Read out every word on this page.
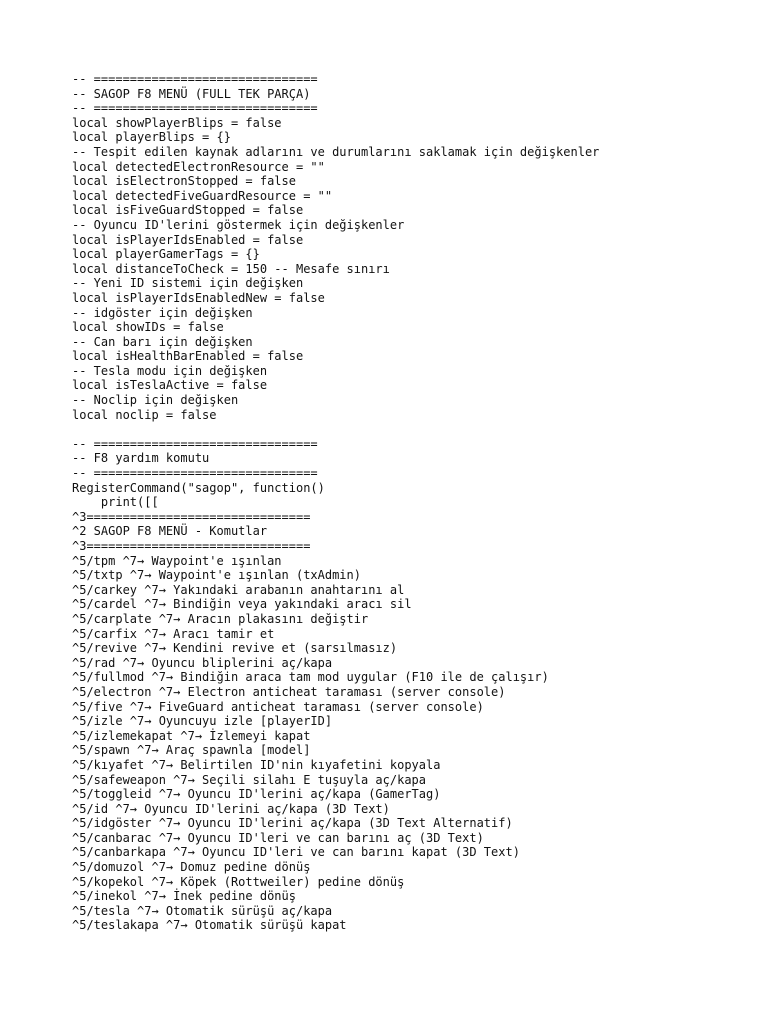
-- ===============================
-- SAGOP F8 MENÜ (FULL TEK PARÇA)
-- ===============================
local showPlayerBlips = false
local playerBlips = {}
-- Tespit edilen kaynak adlarını ve durumlarını saklamak için değişkenler
local detectedElectronResource = ""
local isElectronStopped = false
local detectedFiveGuardResource = ""
local isFiveGuardStopped = false
-- Oyuncu ID'lerini göstermek için değişkenler
local isPlayerIdsEnabled = false
local playerGamerTags = {}
local distanceToCheck = 150 -- Mesafe sınırı
-- Yeni ID sistemi için değişken
local isPlayerIdsEnabledNew = false
-- idgöster için değişken
local showIDs = false
-- Can barı için değişken
local isHealthBarEnabled = false
-- Tesla modu için değişken
local isTeslaActive = false
-- Noclip için değişken
local noclip = false
-- ===============================
-- F8 yardım komutu
-- ===============================
RegisterCommand("sagop", function()
print([[
^3===============================
^2 SAGOP F8 MENÜ - Komutlar
^3===============================
^5/tpm ^7→ Waypoint'e ışınlan
^5/txtp ^7→ Waypoint'e ışınlan (txAdmin)
^5/carkey ^7→ Yakındaki arabanın anahtarını al
^5/cardel ^7→ Bindiğin veya yakındaki aracı sil
^5/carplate ^7→ Aracın plakasını değiştir
^5/carfix ^7→ Aracı tamir et
^5/revive ^7→ Kendini revive et (sarsılmasız)
^5/rad ^7→ Oyuncu bliplerini aç/kapa
^5/fullmod ^7→ Bindiğin araca tam mod uygular (F10 ile de çalışır)
^5/electron ^7→ Electron anticheat taraması (server console)
^5/five ^7→ FiveGuard anticheat taraması (server console)
^5/izle ^7→ Oyuncuyu izle [playerID]
^5/izlemekapat ^7→ İzlemeyi kapat
^5/spawn ^7→ Araç spawnla [model]
^5/kıyafet ^7→ Belirtilen ID'nin kıyafetini kopyala
^5/safeweapon ^7→ Seçili silahı E tuşuyla aç/kapa
^5/toggleid ^7→ Oyuncu ID'lerini aç/kapa (GamerTag)
^5/id ^7→ Oyuncu ID'lerini aç/kapa (3D Text)
^5/idgöster ^7→ Oyuncu ID'lerini aç/kapa (3D Text Alternatif)
^5/canbarac ^7→ Oyuncu ID'leri ve can barını aç (3D Text)
^5/canbarkapa ^7→ Oyuncu ID'leri ve can barını kapat (3D Text)
^5/domuzol ^7→ Domuz pedine dönüş
^5/kopekol ^7→ Köpek (Rottweiler) pedine dönüş
^5/inekol ^7→ İnek pedine dönüş
^5/tesla ^7→ Otomatik sürüşü aç/kapa
^5/teslakapa ^7→ Otomatik sürüşü kapat
